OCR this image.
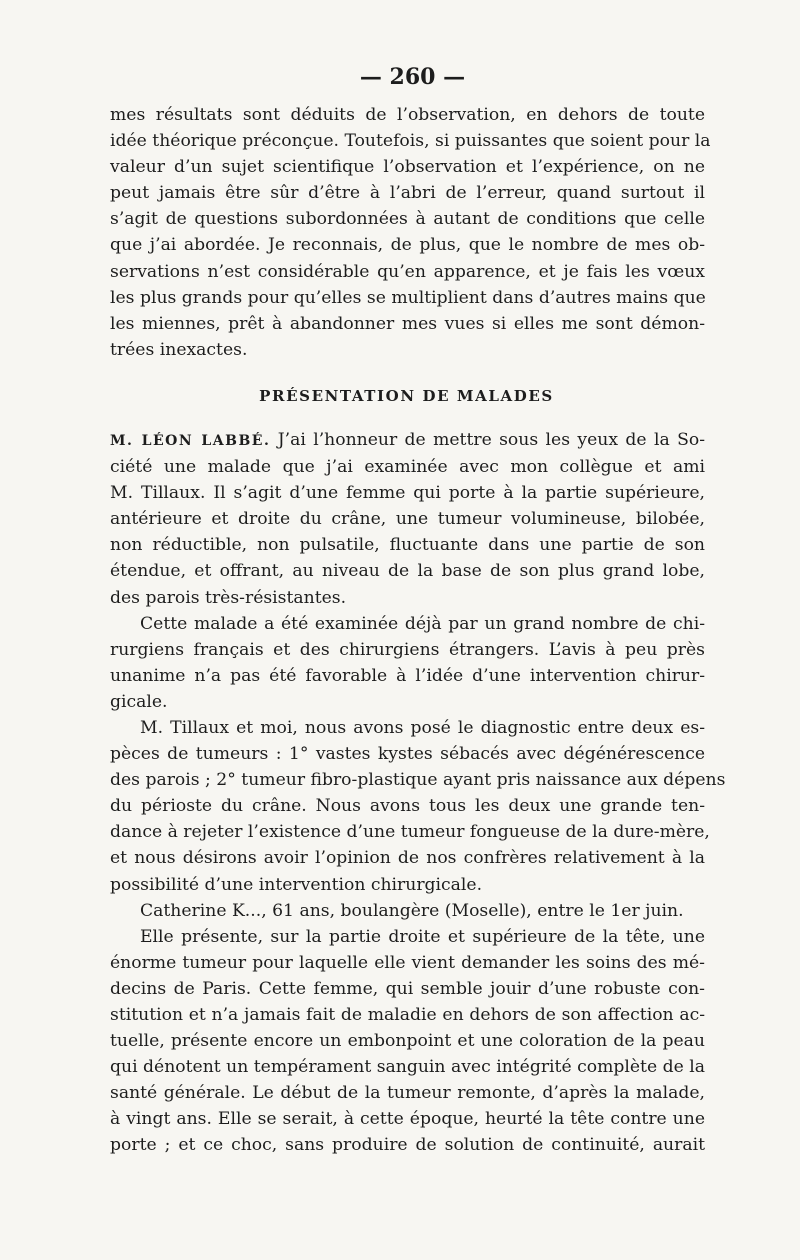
— 260 —
mes résultats sont déduits de l’observation, en dehors de toute
idée théorique préconçue. Toutefois, si puissantes que soient pour la
valeur d’un sujet scientifique l’observation et l’expérience, on ne
peut jamais être sûr d’être à l’abri de l’erreur, quand surtout il
s’agit de questions subordonnées à autant de conditions que celle
que j’ai abordée. Je reconnais, de plus, que le nombre de mes ob-
servations n’est considérable qu’en apparence, et je fais les vœux
les plus grands pour qu’elles se multiplient dans d’autres mains que
les miennes, prêt à abandonner mes vues si elles me sont démon-
trées inexactes.
PRÉSENTATION DE MALADES
M. LÉON LABBÉ. J’ai l’honneur de mettre sous les yeux de la So-
ciété une malade que j’ai examinée avec mon collègue et ami
M. Tillaux. Il s’agit d’une femme qui porte à la partie supérieure,
antérieure et droite du crâne, une tumeur volumineuse, bilobée,
non réductible, non pulsatile, fluctuante dans une partie de son
étendue, et offrant, au niveau de la base de son plus grand lobe,
des parois très-résistantes.
Cette malade a été examinée déjà par un grand nombre de chi-
rurgiens français et des chirurgiens étrangers. L’avis à peu près
unanime n’a pas été favorable à l’idée d’une intervention chirur-
gicale.
M. Tillaux et moi, nous avons posé le diagnostic entre deux es-
pèces de tumeurs : 1° vastes kystes sébacés avec dégénérescence
des parois ; 2° tumeur fibro-plastique ayant pris naissance aux dépens
du périoste du crâne. Nous avons tous les deux une grande ten-
dance à rejeter l’existence d’une tumeur fongueuse de la dure-mère,
et nous désirons avoir l’opinion de nos confrères relativement à la
possibilité d’une intervention chirurgicale.
Catherine K..., 61 ans, boulangère (Moselle), entre le 1er juin.
Elle présente, sur la partie droite et supérieure de la tête, une
énorme tumeur pour laquelle elle vient demander les soins des mé-
decins de Paris. Cette femme, qui semble jouir d’une robuste con-
stitution et n’a jamais fait de maladie en dehors de son affection ac-
tuelle, présente encore un embonpoint et une coloration de la peau
qui dénotent un tempérament sanguin avec intégrité complète de la
santé générale. Le début de la tumeur remonte, d’après la malade,
à vingt ans. Elle se serait, à cette époque, heurté la tête contre une
porte ; et ce choc, sans produire de solution de continuité, aurait
